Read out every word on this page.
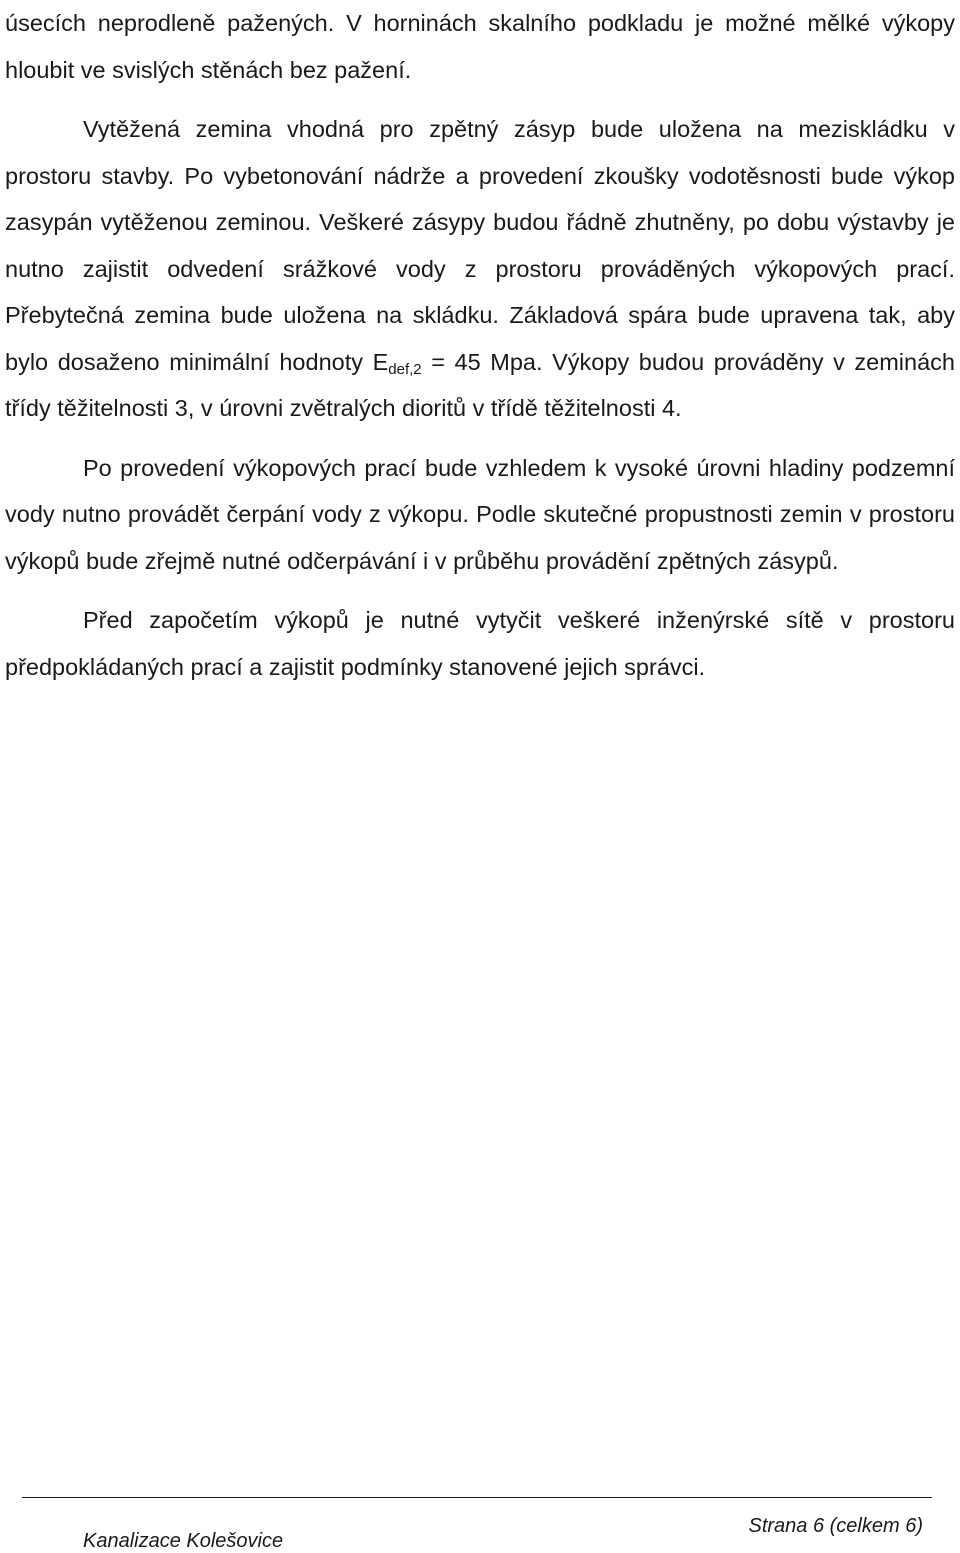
úsecích neprodleně pažených. V horninách skalního podkladu je možné mělké výkopy hloubit ve svislých stěnách bez pažení.

Vytěžená zemina vhodná pro zpětný zásyp bude uložena na meziskládku v prostoru stavby. Po vybetonování nádrže a provedení zkoušky vodotěsnosti bude výkop zasypán vytěženou zeminou. Veškeré zásypy budou řádně zhutněny, po dobu výstavby je nutno zajistit odvedení srážkové vody z prostoru prováděných výkopových prací. Přebytečná zemina bude uložena na skládku. Základová spára bude upravena tak, aby bylo dosaženo minimální hodnoty $E_{def,2} = 45$ Mpa. Výkopy budou prováděny v zeminách třídy těžitelnosti 3, v úrovni zvětralých dioritů v třídě těžitelnosti 4.

Po provedení výkopových prací bude vzhledem k vysoké úrovni hladiny podzemní vody nutno provádět čerpání vody z výkopu. Podle skutečné propustnosti zemin v prostoru výkopů bude zřejmě nutné odčerpávání i v průběhu provádění zpětných zásypů.

Před započetím výkopů je nutné vytyčit veškeré inženýrské sítě v prostoru předpokládaných prací a zajistit podmínky stanovené jejich správci.

Kanalizace Kolešovice
Strana 6 (celkem 6)
